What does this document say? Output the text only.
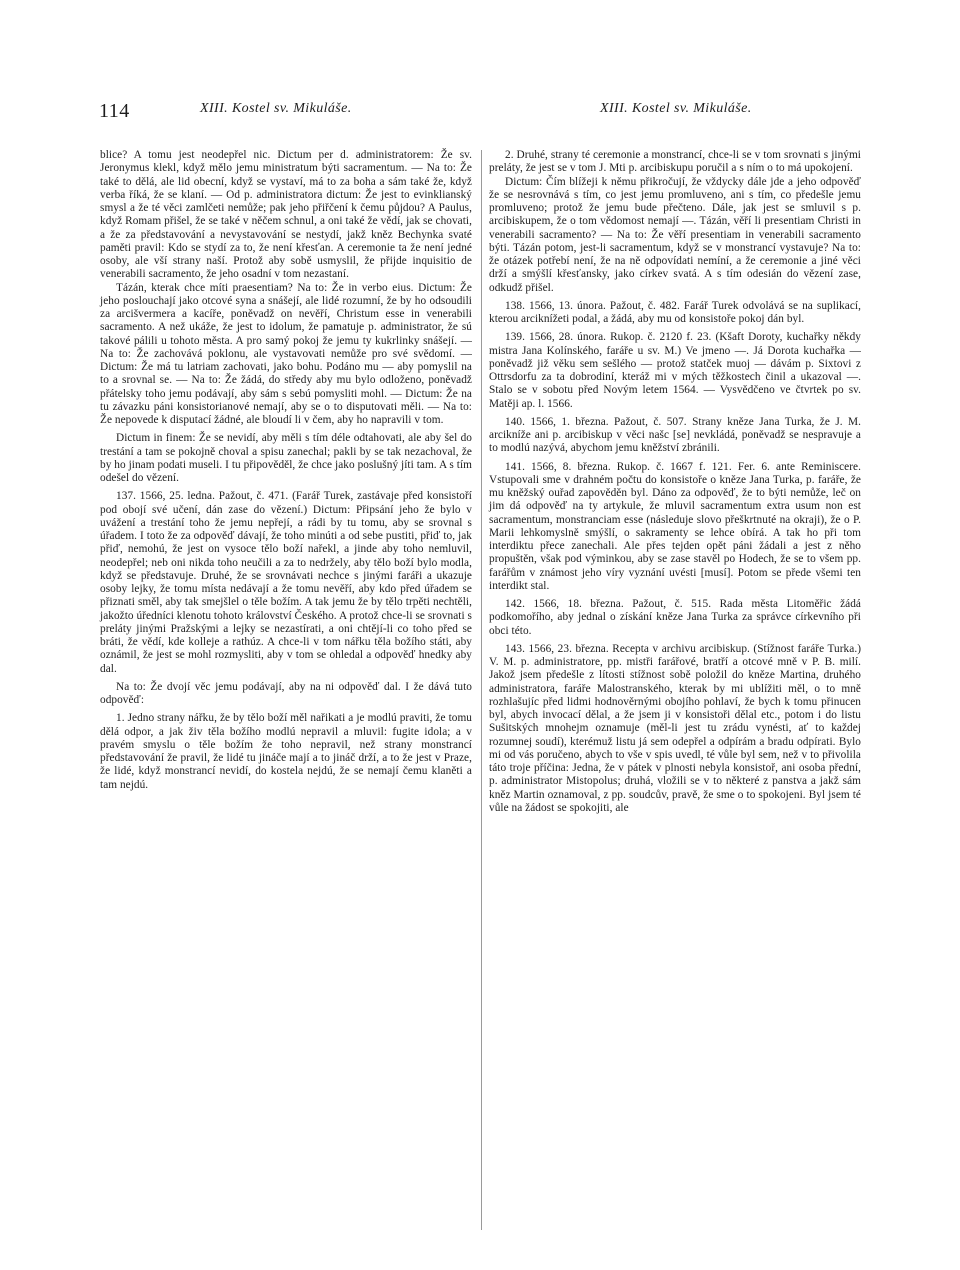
114	XIII. Kostel sv. Mikuláše.	XIII. Kostel sv. Mikuláše.

blice? A tomu jest neodepřel nic. Dictum per d. administratorem: Že sv. Jeronymus klekl, když mělo jemu ministratum býti sacramentum. — Na to: Že také to dělá, ale lid obecní, když se vystaví, má to za boha a sám také že, když verba říká, že se klaní. — Od p. administratora dictum: Že jest to evinklianský smysl a že té věci zamlčeti nemůže; pak jeho přiřčení k čemu půjdou? A Paulus, když Romam přišel, že se také v něčem schnul, a oni také že vědí, jak se chovati, a že za představování a nevystavování se nestydí, jakž kněz Bechynka svaté paměti pravil: Kdo se stydí za to, že není křesťan. A ceremonie ta že není jedné osoby, ale vší strany naší. Protož aby sobě usmyslil, že přijde inquisitio de venerabili sacramento, že jeho osadní v tom nezastaní.

Tázán, kterak chce míti praesentiam? Na to: Že in verbo eius. Dictum: Že jeho poslouchají jako otcové syna a snášejí, ale lidé rozumní, že by ho odsoudili za arcišvermera a kacíře, poněvadž on nevěří, Christum esse in venerabili sacramento. A než ukáže, že jest to idolum, že pamatuje p. administrator, že sú takové pálili u tohoto města. A pro samý pokoj že jemu ty kukrlinky snášejí. — Na to: Že zachovává poklonu, ale vystavovati nemůže pro své svědomí. — Dictum: Že má tu latriam zachovati, jako bohu. Podáno mu — aby pomyslil na to a srovnal se. — Na to: Že žádá, do středy aby mu bylo odloženo, poněvadž přátelsky toho jemu podávají, aby sám s sebú pomysliti mohl. — Dictum: Že na tu závazku páni konsistorianové nemají, aby se o to disputovati měli. — Na to: Že nepovede k disputací žádné, ale bloudí li v čem, aby ho napravili v tom.

Dictum in finem: Že se nevidí, aby měli s tím déle odtahovati, ale aby šel do trestání a tam se pokojně choval a spisu zanechal; pakli by se tak nezachoval, že by ho jinam podati museli. I tu připověděl, že chce jako poslušný jíti tam. A s tím odešel do vězení.

137. 1566, 25. ledna. Pažout, č. 471. (Farář Turek, zastávaje před konsistoří pod obojí své učení, dán zase do vězení.) Dictum: Připsání jeho že bylo v uvážení a trestání toho že jemu nepřejí, a rádi by tu tomu, aby se srovnal s úřadem. I toto že za odpověď dávají, že toho minúti a od sebe pustiti, přiď to, jak přiď, nemohú, že jest on vysoce tělo boží nařekl, a jinde aby toho nemluvil, neodepřel; neb oni nikda toho neučili a za to nedržely, aby tělo boží bylo modla, když se představuje. Druhé, že se srovnávati nechce s jinými faráři a ukazuje osoby lejky, že tomu místa nedávají a že tomu nevěří, aby kdo před úřadem se přiznati směl, aby tak smejšlel o těle božím. A tak jemu že by tělo trpěti nechtěli, jakožto úředníci klenotu tohoto království Českého. A protož chce-li se srovnati s preláty jinými Pražskými a lejky se nezastírati, a oni chtějí-li co toho před se bráti, že vědí, kde kolleje a rathúz. A chce-li v tom nářku těla božího státi, aby oznámil, že jest se mohl rozmysliti, aby v tom se ohledal a odpověď hnedky aby dal.

Na to: Že dvojí věc jemu podávají, aby na ni odpověď dal. I že dává tuto odpověď:

1. Jedno strany nářku, že by tělo boží měl nařikati a je modlú praviti, že tomu dělá odpor, a jak živ těla božího modlú nepravil a mluvil: fugite idola; a v pravém smyslu o těle božím že toho nepravil, než strany monstrancí představování že pravil, že lidé tu jináče mají a to jináč drží, a to že jest v Praze, že lidé, když monstrancí nevidí, do kostela nejdú, že se nemají čemu klaněti a tam nejdú.

2. Druhé, strany té ceremonie a monstrancí, chce-li se v tom srovnati s jinými preláty, že jest se v tom J. Mti p. arcibiskupu poručil a s ním o to má upokojení.

Dictum: Čím blížeji k němu přikročují, že vždycky dále jde a jeho odpověď že se nesrovnává s tím, co jest jemu promluveno, ani s tím, co předešle jemu promluveno; protož že jemu bude přečteno. Dále, jak jest se smluvil s p. arcibiskupem, že o tom vědomost nemají —. Tázán, věří li presentiam Christi in venerabili sacramento? — Na to: Že věří presentiam in venerabili sacramento býti. Tázán potom, jest-li sacramentum, když se v monstrancí vystavuje? Na to: že otázek potřebí není, že na ně odpovídati nemíní, a že ceremonie a jiné věci drží a smýšlí křesťansky, jako církev svatá. A s tím odesián do vězení zase, odkudž přišel.

138. 1566, 13. února. Pažout, č. 482. Farář Turek odvolává se na suplikací, kterou arciknížeti podal, a žádá, aby mu od konsistoře pokoj dán byl.

139. 1566, 28. února. Rukop. č. 2120 f. 23. (Kšaft Doroty, kuchařky někdy mistra Jana Kolínského, faráře u sv. M.) Ve jmeno —. Já Dorota kuchařka — poněvadž již věku sem sešlého — protož statček muoj — dávám p. Sixtovi z Ottrsdorfu za ta dobrodiní, kteráž mi v mých těžkostech činil a ukazoval —. Stalo se v sobotu před Novým letem 1564. — Vysvědčeno ve čtvrtek po sv. Matěji ap. l. 1566.

140. 1566, 1. března. Pažout, č. 507. Strany kněze Jana Turka, že J. M. arciknížе ani p. arcibiskup v věci našc [se] nevkládá, poněvadž se nespravuje a to modlú nazývá, abychom jemu kněžství zbránili.

141. 1566, 8. března. Rukop. č. 1667 f. 121. Fer. 6. ante Reminiscere. Vstupovali sme v drahném počtu do konsistoře o kněze Jana Turka, p. faráře, že mu kněžský ouřad zapověděn byl. Dáno za odpověď, že to býti nemůže, leč on jim dá odpověď na ty artykule, že mluvil sacramentum extra usum non est sacramentum, monstranciam esse (následuje slovo přeškrtnuté na okraji), že o P. Marii lehkomyslně smýšlí, o sakramenty se lehce obírá. A tak ho při tom interdiktu přece zanechali. Ale přes tejden opět páni žádali a jest z něho propuštěn, však pod výminkou, aby se zase stavěl po Hodech, že se to všem pp. farářům v známost jeho víry vyznání uvésti [musí]. Potom se přede všemi ten interdikt stal.

142. 1566, 18. března. Pažout, č. 515. Rada města Litoměřic žádá podkomořího, aby jednal o získání kněze Jana Turka za správce církevního při obci této.

143. 1566, 23. března. Recepta v archivu arcibiskup. (Stížnost faráře Turka.) V. M. p. administratore, pp. mistři farářové, bratří a otcové mně v P. B. milí. Jakož jsem předešle z lítosti stížnost sobě položil do kněze Martina, druhého administratora, faráře Malostranského, kterak by mi ublížiti měl, o to mně rozhlašujíc před lidmi hodnověrnými obojího pohlaví, že bych k tomu přinucen byl, abych invocací dělal, a že jsem ji v konsistoři dělal etc., potom i do listu Sušitských mnohejm oznamuje (měl-li jest tu zrádu vynésti, ať to každej rozumnej soudí), kterémuž listu já sem odepřel a odpírám a bradu odpírati. Bylo mi od vás poručeno, abych to vše v spis uvedl, té vůle byl sem, než v to přivolila táto troje příčina: Jedna, že v pátek v plnosti nebyla konsistoř, ani osoba přední, p. administrator Mistopolus; druhá, vložili se v to některé z panstva a jakž sám kněz Martin oznamoval, z pp. soudcův, pravě, že sme o to spokojeni. Byl jsem té vůle na žádost se spokojiti, ale
